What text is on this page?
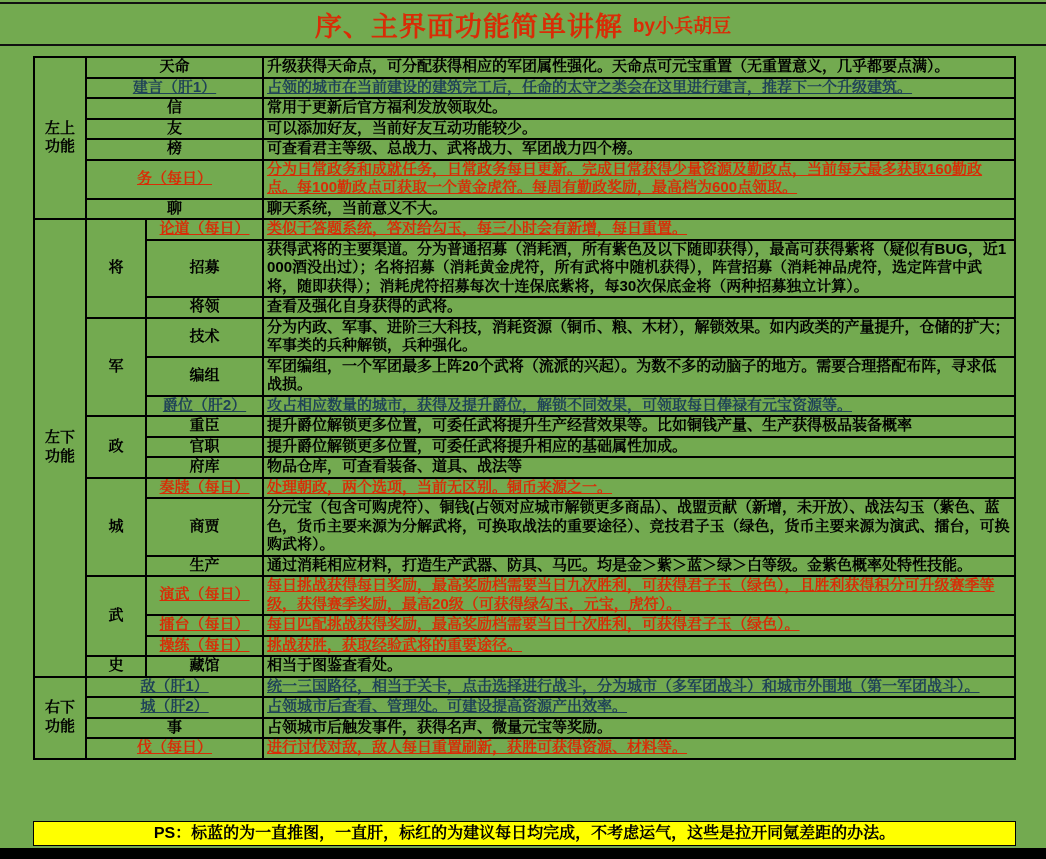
序、主界面功能简单讲解 by小兵胡豆
左上功能	天命		升级获得天命点，可分配获得相应的军团属性强化。天命点可元宝重置（无重置意义，几乎都要点满）。
	建言（肝1）		占领的城市在当前建设的建筑完工后，任命的太守之类会在这里进行建言，推荐下一个升级建筑。
	信		常用于更新后官方福利发放领取处。
	友		可以添加好友，当前好友互动功能较少。
	榜		可查看君主等级、总战力、武将战力、军团战力四个榜。
	务（每日）		分为日常政务和成就任务，日常政务每日更新。完成日常获得少量资源及勤政点，当前每天最多获取160勤政点。每100勤政点可获取一个黄金虎符。每周有勤政奖励，最高档为600点领取。
	聊		聊天系统，当前意义不大。
左下功能	将	论道（每日）	类似于答题系统，答对给勾玉，每三小时会有新增，每日重置。
		招募	获得武将的主要渠道。分为普通招募（消耗酒，所有紫色及以下随即获得），最高可获得紫将（疑似有BUG，近1000酒没出过）；名将招募（消耗黄金虎符，所有武将中随机获得），阵营招募（消耗神品虎符，选定阵营中武将，随即获得）；消耗虎符招募每次十连保底紫将，每30次保底金将（两种招募独立计算）。
		将领	查看及强化自身获得的武将。
	军	技术	分为内政、军事、进阶三大科技，消耗资源（铜币、粮、木材），解锁效果。如内政类的产量提升，仓储的扩大；军事类的兵种解锁，兵种强化。
		编组	军团编组，一个军团最多上阵20个武将（流派的兴起）。为数不多的动脑子的地方。需要合理搭配布阵，寻求低战损。
		爵位（肝2）	攻占相应数量的城市，获得及提升爵位，解锁不同效果，可领取每日俸禄有元宝资源等。
	政	重臣	提升爵位解锁更多位置，可委任武将提升生产经营效果等。比如铜钱产量、生产获得极品装备概率
		官职	提升爵位解锁更多位置，可委任武将提升相应的基础属性加成。
		府库	物品仓库，可查看装备、道具、战法等
	城	奏牍（每日）	处理朝政，两个选项，当前无区别。铜币来源之一。
		商贾	分元宝（包含可购虎符）、铜钱(占领对应城市解锁更多商品）、战盟贡献（新增，未开放）、战法勾玉（紫色、蓝色，货币主要来源为分解武将，可换取战法的重要途径）、竞技君子玉（绿色，货币主要来源为演武、擂台，可换购武将）。
		生产	通过消耗相应材料，打造生产武器、防具、马匹。均是金＞紫＞蓝＞绿＞白等级。金紫色概率处特性技能。
	武	演武（每日）	每日挑战获得每日奖励，最高奖励档需要当日九次胜利，可获得君子玉（绿色），且胜利获得积分可升级赛季等级，获得赛季奖励，最高20级（可获得绿勾玉，元宝，虎符）。
		擂台（每日）	每日匹配挑战获得奖励，最高奖励档需要当日十次胜利，可获得君子玉（绿色）。
		操练（每日）	挑战获胜，获取经验武将的重要途径。
	史	藏馆	相当于图鉴查看处。
右下功能	敌（肝1）		统一三国路径，相当于关卡，点击选择进行战斗，分为城市（多军团战斗）和城市外围地（第一军团战斗）。
	城（肝2）		占领城市后查看、管理处。可建设提高资源产出效率。
	事		占领城市后触发事件，获得名声、微量元宝等奖励。
	伐（每日）		进行讨伐对敌，敌人每日重置刷新，获胜可获得资源、材料等。
PS：标蓝的为一直推图，一直肝，标红的为建议每日均完成，不考虑运气，这些是拉开同氪差距的办法。
